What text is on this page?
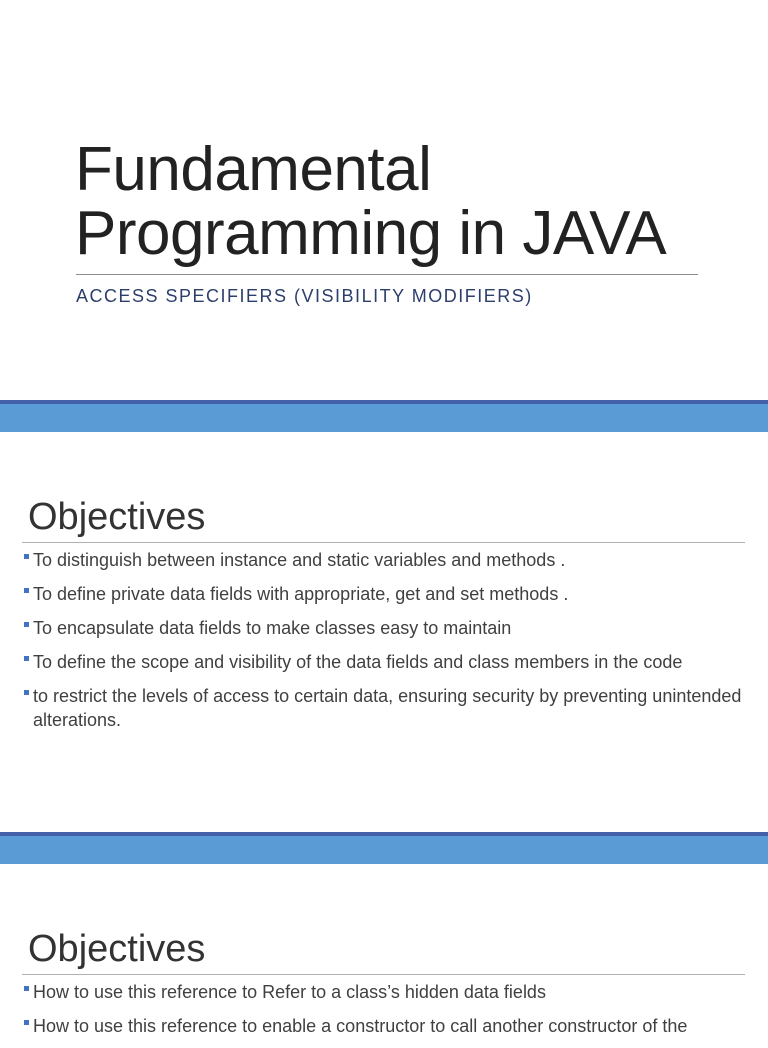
Fundamental Programming in JAVA
ACCESS SPECIFIERS (VISIBILITY MODIFIERS)
Objectives
To distinguish between instance and static variables and methods .
To define private data fields with appropriate, get and set methods .
To encapsulate data fields to make classes easy to maintain
To define the scope and visibility of the data fields and class members in the code
to restrict the levels of access to certain data, ensuring security by preventing unintended alterations.
Objectives
How to use this reference to Refer to a class’s hidden data fields
How to use this reference to enable a constructor to call another constructor of the
